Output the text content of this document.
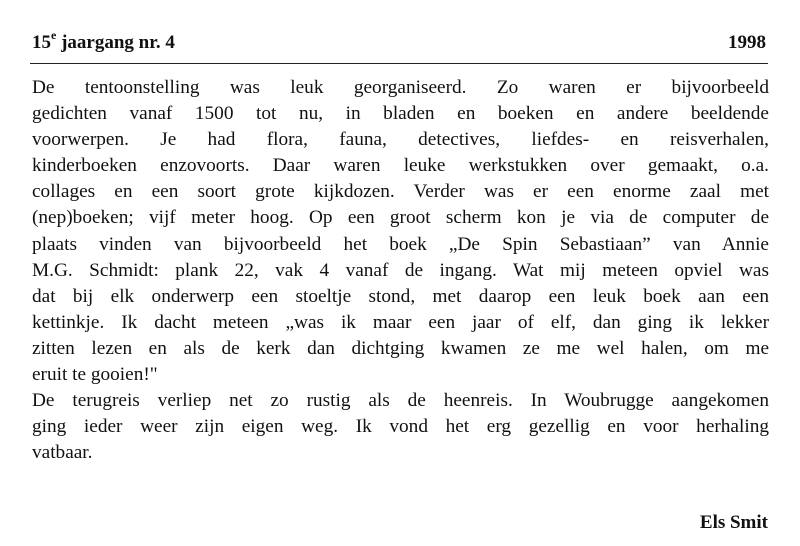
15e jaargang nr. 4	1998
De tentoonstelling was leuk georganiseerd. Zo waren er bijvoorbeeld
gedichten vanaf 1500 tot nu, in bladen en boeken en andere beeldende
voorwerpen. Je had flora, fauna, detectives, liefdes- en reisverhalen,
kinderboeken enzovoorts. Daar waren leuke werkstukken over gemaakt, o.a.
collages en een soort grote kijkdozen. Verder was er een enorme zaal met
(nep)boeken; vijf meter hoog. Op een groot scherm kon je via de computer de
plaats vinden van bijvoorbeeld het boek „De Spin Sebastiaan” van Annie
M.G. Schmidt: plank 22, vak 4 vanaf de ingang. Wat mij meteen opviel was
dat bij elk onderwerp een stoeltje stond, met daarop een leuk boek aan een
kettinkje. Ik dacht meteen „was ik maar een jaar of elf, dan ging ik lekker
zitten lezen en als de kerk dan dichtging kwamen ze me wel halen, om me
eruit te gooien!"
De terugreis verliep net zo rustig als de heenreis. In Woubrugge aangekomen
ging ieder weer zijn eigen weg. Ik vond het erg gezellig en voor herhaling
vatbaar.
Els Smit
